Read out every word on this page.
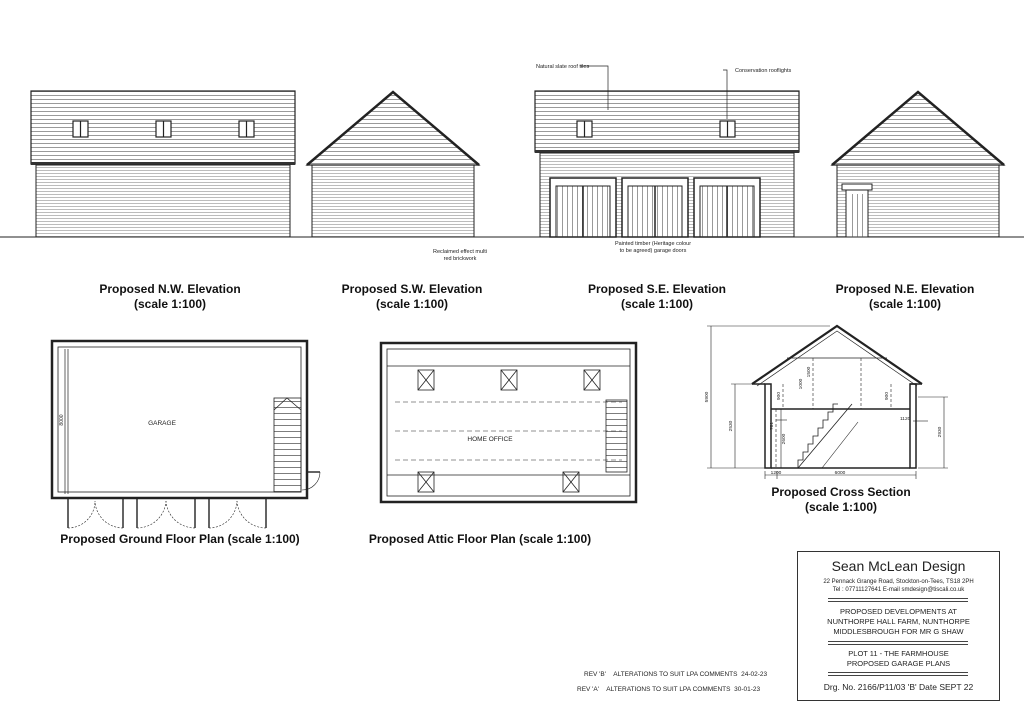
Natural slate roof tiles
Conservation rooflights
Reclaimed effect multi
red brickwork
Painted timber (Heritage colour
to be agreed) garage doors
GARAGE
HOME OFFICE
8000
5900
2530
2600
2930
900	900
1500
1000
781
1120
1200	6000
Proposed N.W. Elevation
(scale 1:100)
Proposed S.W. Elevation
(scale 1:100)
Proposed S.E. Elevation
(scale 1:100)
Proposed N.E. Elevation
(scale 1:100)
Proposed Ground Floor Plan (scale 1:100)	Proposed Attic Floor Plan (scale 1:100)
Proposed Cross Section
(scale 1:100)
REV 'B' ALTERATIONS TO SUIT LPA COMMENTS 24-02-23
REV 'A' ALTERATIONS TO SUIT LPA COMMENTS 30-01-23
Sean McLean Design
22 Pennack Grange Road, Stockton-on-Tees, TS18 2PH
Tel : 07711127641 E-mail smdesign@tiscali.co.uk
PROPOSED DEVELOPMENTS AT
NUNTHORPE HALL FARM, NUNTHORPE
MIDDLESBROUGH FOR MR G SHAW
PLOT 11 - THE FARMHOUSE
PROPOSED GARAGE PLANS
Drg. No. 2166/P11/03 'B' Date SEPT 22
